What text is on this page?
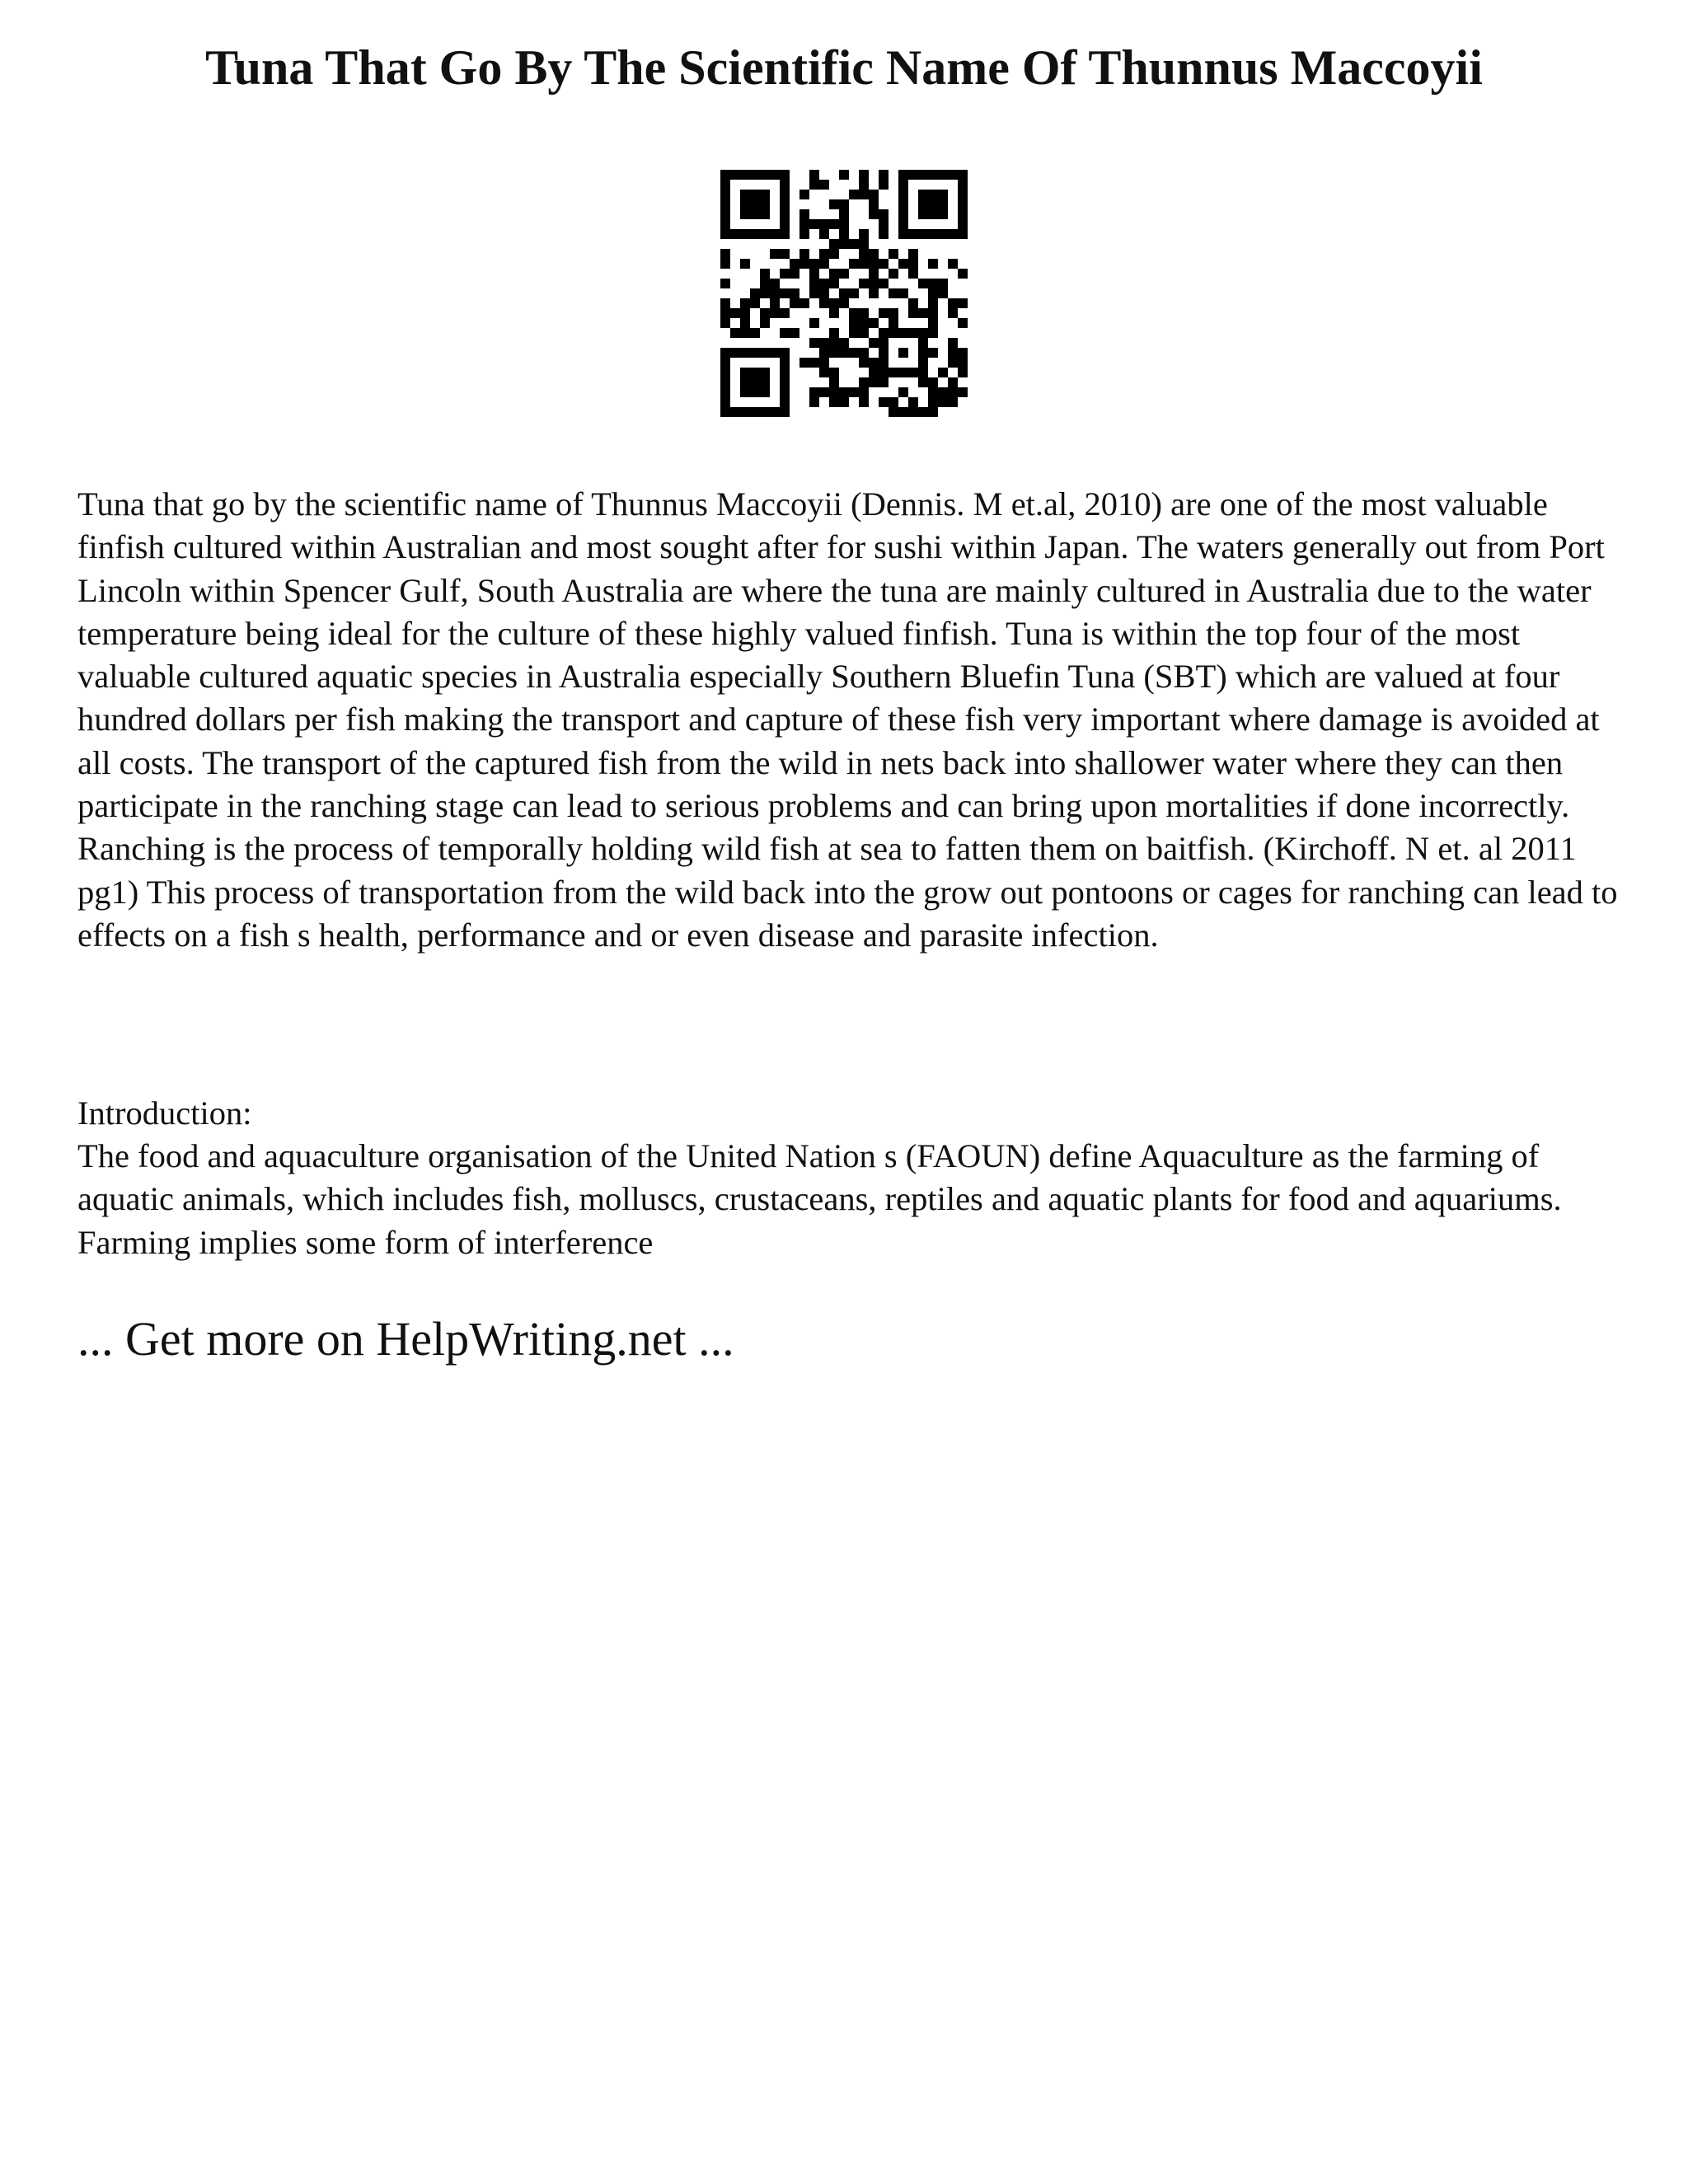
Tuna That Go By The Scientific Name Of Thunnus Maccoyii

Tuna that go by the scientific name of Thunnus Maccoyii (Dennis. M et.al, 2010) are one of the most valuable finfish cultured within Australian and most sought after for sushi within Japan. The waters generally out from Port Lincoln within Spencer Gulf, South Australia are where the tuna are mainly cultured in Australia due to the water temperature being ideal for the culture of these highly valued finfish. Tuna is within the top four of the most valuable cultured aquatic species in Australia especially Southern Bluefin Tuna (SBT) which are valued at four hundred dollars per fish making the transport and capture of these fish very important where damage is avoided at all costs. The transport of the captured fish from the wild in nets back into shallower water where they can then participate in the ranching stage can lead to serious problems and can bring upon mortalities if done incorrectly. Ranching is the process of temporally holding wild fish at sea to fatten them on baitfish. (Kirchoff. N et. al 2011 pg1) This process of transportation from the wild back into the grow out pontoons or cages for ranching can lead to effects on a fish s health, performance and or even disease and parasite infection.

Introduction:

The food and aquaculture organisation of the United Nation s (FAOUN) define Aquaculture as the farming of aquatic animals, which includes fish, molluscs, crustaceans, reptiles and aquatic plants for food and aquariums. Farming implies some form of interference

... Get more on HelpWriting.net ...
